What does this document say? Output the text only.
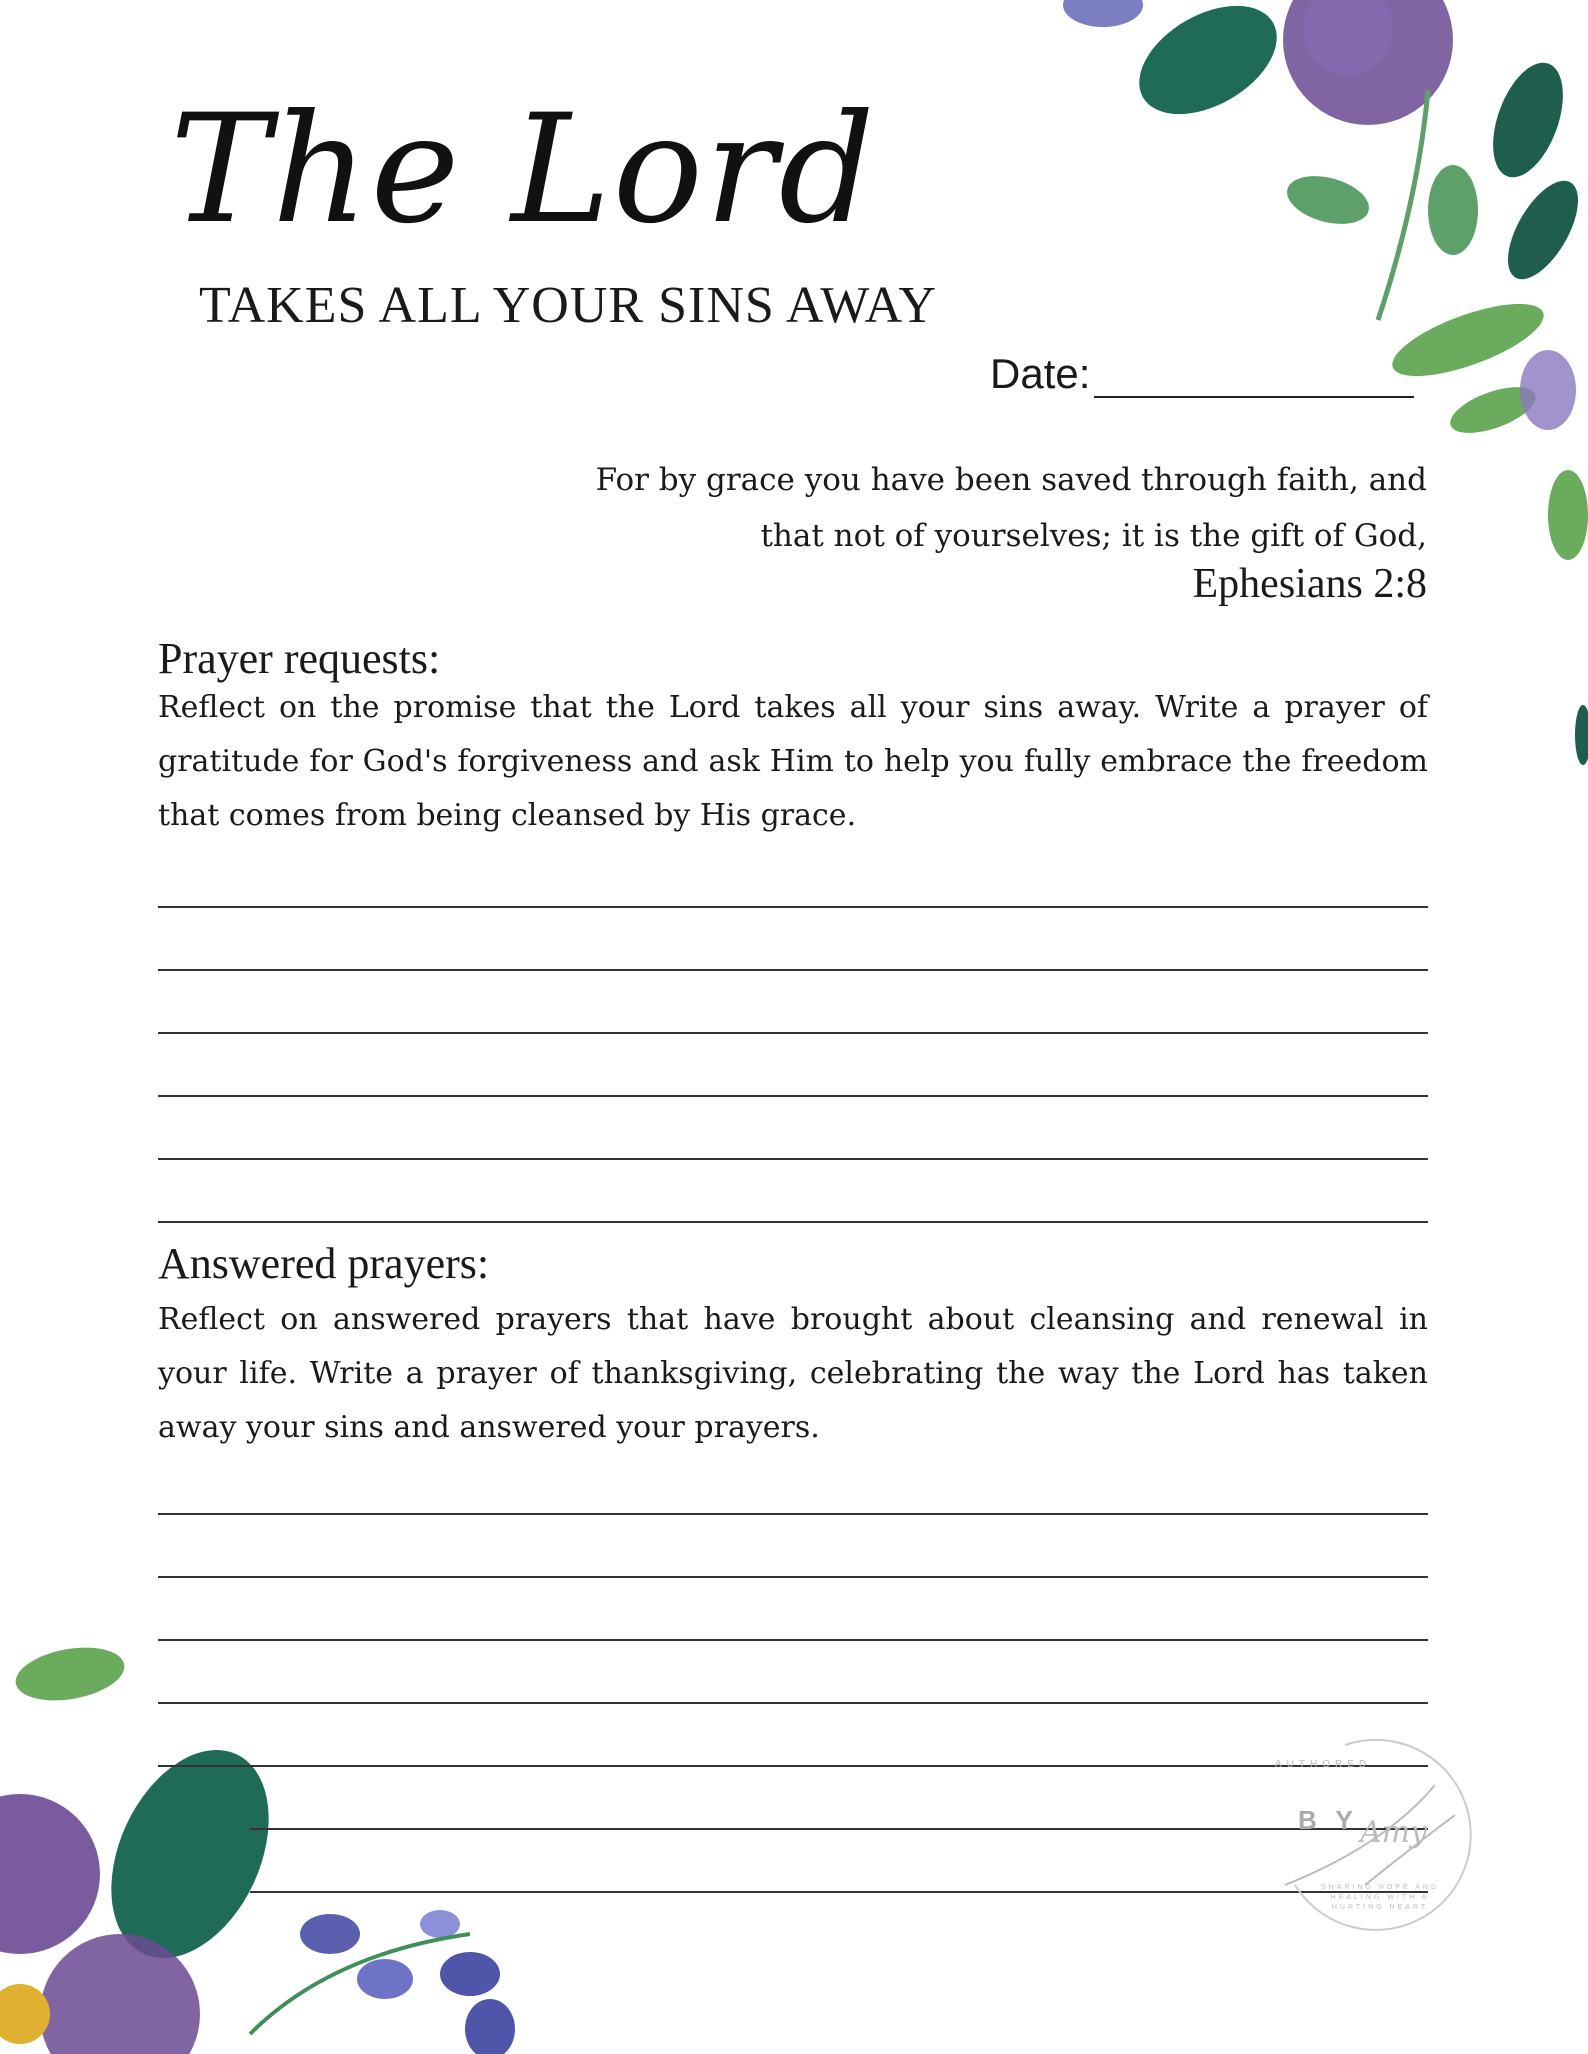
The Lord
TAKES ALL YOUR SINS AWAY
Date:
For by grace you have been saved through faith, and
that not of yourselves; it is the gift of God,
Ephesians 2:8
Prayer requests:
Reflect on the promise that the Lord takes all your sins away. Write a prayer of gratitude for God's forgiveness and ask Him to help you fully embrace the freedom that comes from being cleansed by His grace.
Answered prayers:
Reflect on answered prayers that have brought about cleansing and renewal in your life. Write a prayer of thanksgiving, celebrating the way the Lord has taken away your sins and answered your prayers.
AUTHORED
B Y Amy
SHARING HOPE AND HEALING WITH A HURTING HEART
